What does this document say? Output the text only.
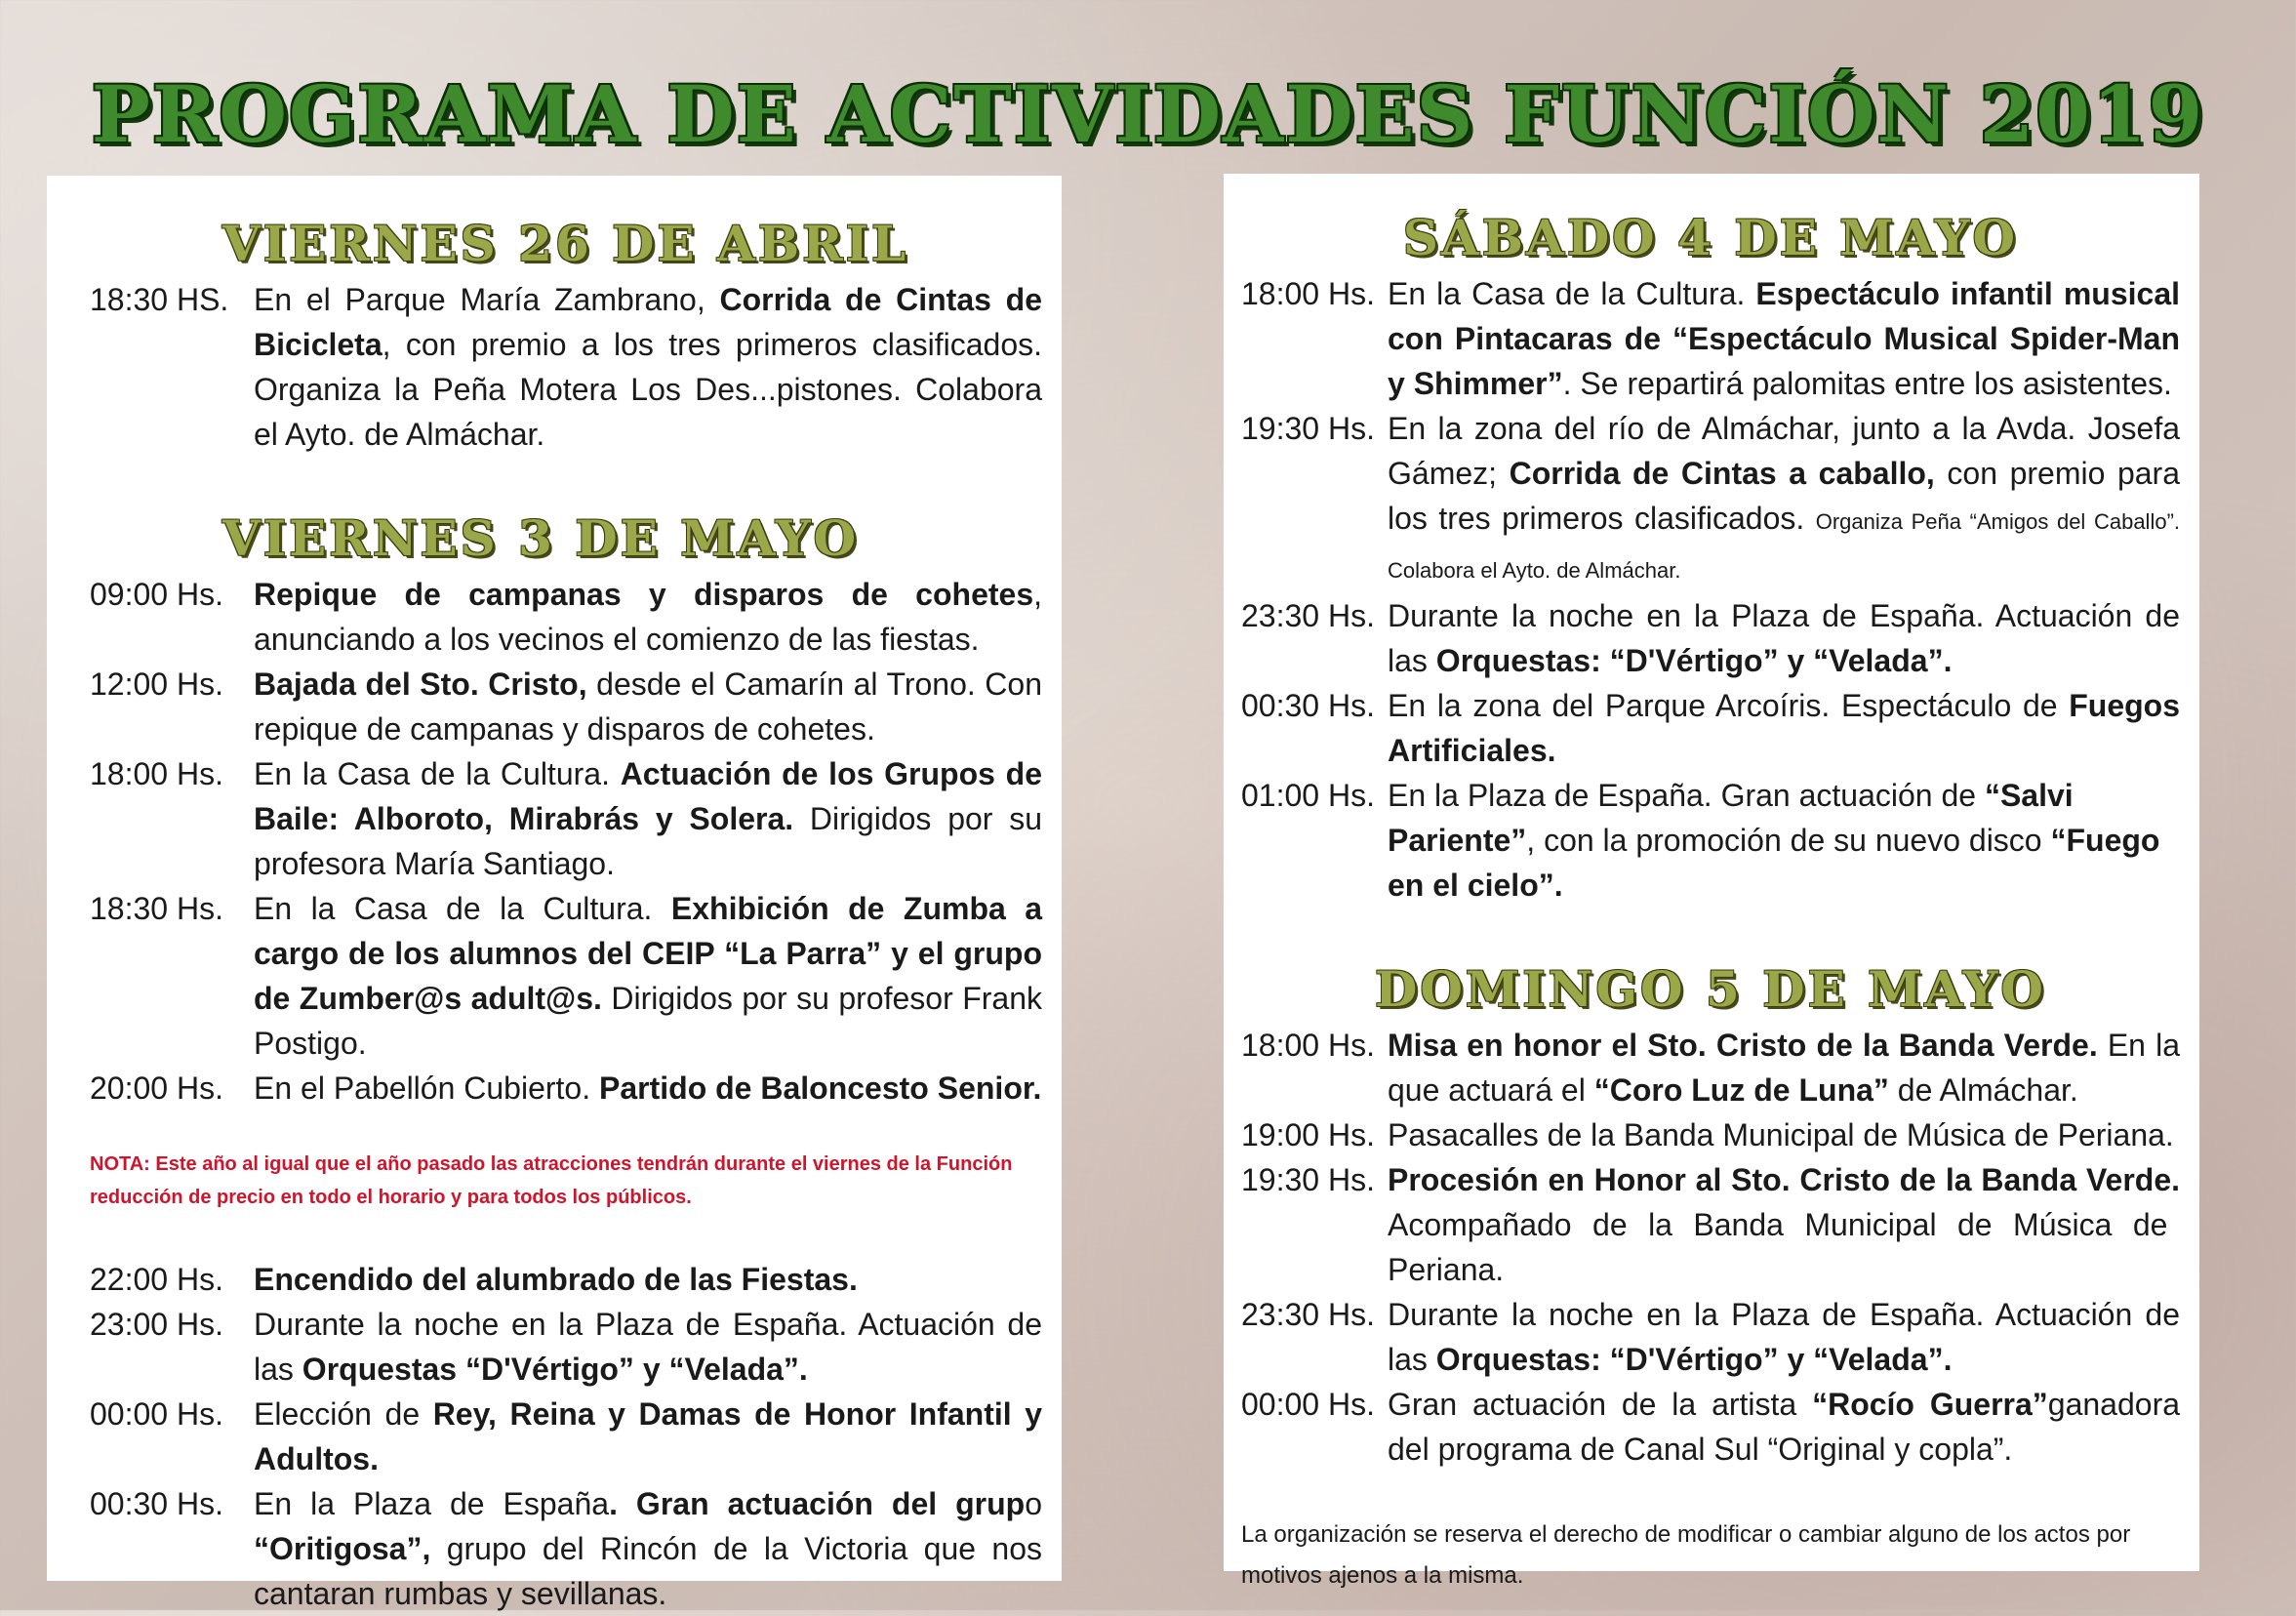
PROGRAMA DE ACTIVIDADES FUNCIÓN 2019
VIERNES 26 DE ABRIL
18:30 HS. En el Parque María Zambrano, Corrida de Cintas de Bicicleta, con premio a los tres primeros clasificados. Organiza la Peña Motera Los Des...pistones. Colabora el Ayto. de Almáchar.
VIERNES 3 DE MAYO
09:00 Hs. Repique de campanas y disparos de cohetes, anunciando a los vecinos el comienzo de las fiestas.
12:00 Hs. Bajada del Sto. Cristo, desde el Camarín al Trono. Con repique de campanas y disparos de cohetes.
18:00 Hs. En la Casa de la Cultura. Actuación de los Grupos de Baile: Alboroto, Mirabrás y Solera. Dirigidos por su profesora María Santiago.
18:30 Hs. En la Casa de la Cultura. Exhibición de Zumba a cargo de los alumnos del CEIP “La Parra” y el grupo de Zumber@s adult@s. Dirigidos por su profesor Frank Postigo.
20:00 Hs. En el Pabellón Cubierto. Partido de Baloncesto Senior.
NOTA: Este año al igual que el año pasado las atracciones tendrán durante el viernes de la Función reducción de precio en todo el horario y para todos los públicos.
22:00 Hs. Encendido del alumbrado de las Fiestas.
23:00 Hs. Durante la noche en la Plaza de España. Actuación de las Orquestas “D'Vértigo” y “Velada”.
00:00 Hs. Elección de Rey, Reina y Damas de Honor Infantil y Adultos.
00:30 Hs. En la Plaza de España. Gran actuación del grupo “Oritigosa”, grupo del Rincón de la Victoria que nos cantaran rumbas y sevillanas.
SÁBADO 4 DE MAYO
18:00 Hs. En la Casa de la Cultura. Espectáculo infantil musical con Pintacaras de “Espectáculo Musical Spider-Man y Shimmer”. Se repartirá palomitas entre los asistentes.
19:30 Hs. En la zona del río de Almáchar, junto a la Avda. Josefa Gámez; Corrida de Cintas a caballo, con premio para los tres primeros clasificados. Organiza Peña “Amigos del Caballo”. Colabora el Ayto. de Almáchar.
23:30 Hs. Durante la noche en la Plaza de España. Actuación de las Orquestas: “D'Vértigo” y “Velada”.
00:30 Hs. En la zona del Parque Arcoíris. Espectáculo de Fuegos Artificiales.
01:00 Hs. En la Plaza de España. Gran actuación de “Salvi Pariente”, con la promoción de su nuevo disco “Fuego en el cielo”.
DOMINGO 5 DE MAYO
18:00 Hs. Misa en honor el Sto. Cristo de la Banda Verde. En la que actuará el “Coro Luz de Luna” de Almáchar.
19:00 Hs. Pasacalles de la Banda Municipal de Música de Periana.
19:30 Hs. Procesión en Honor al Sto. Cristo de la Banda Verde. Acompañado de la Banda Municipal de Música de Periana.
23:30 Hs. Durante la noche en la Plaza de España. Actuación de las Orquestas: “D'Vértigo” y “Velada”.
00:00 Hs. Gran actuación de la artista “Rocío Guerra”ganadora del programa de Canal Sul “Original y copla”.
La organización se reserva el derecho de modificar o cambiar alguno de los actos por motivos ajenos a la misma.
